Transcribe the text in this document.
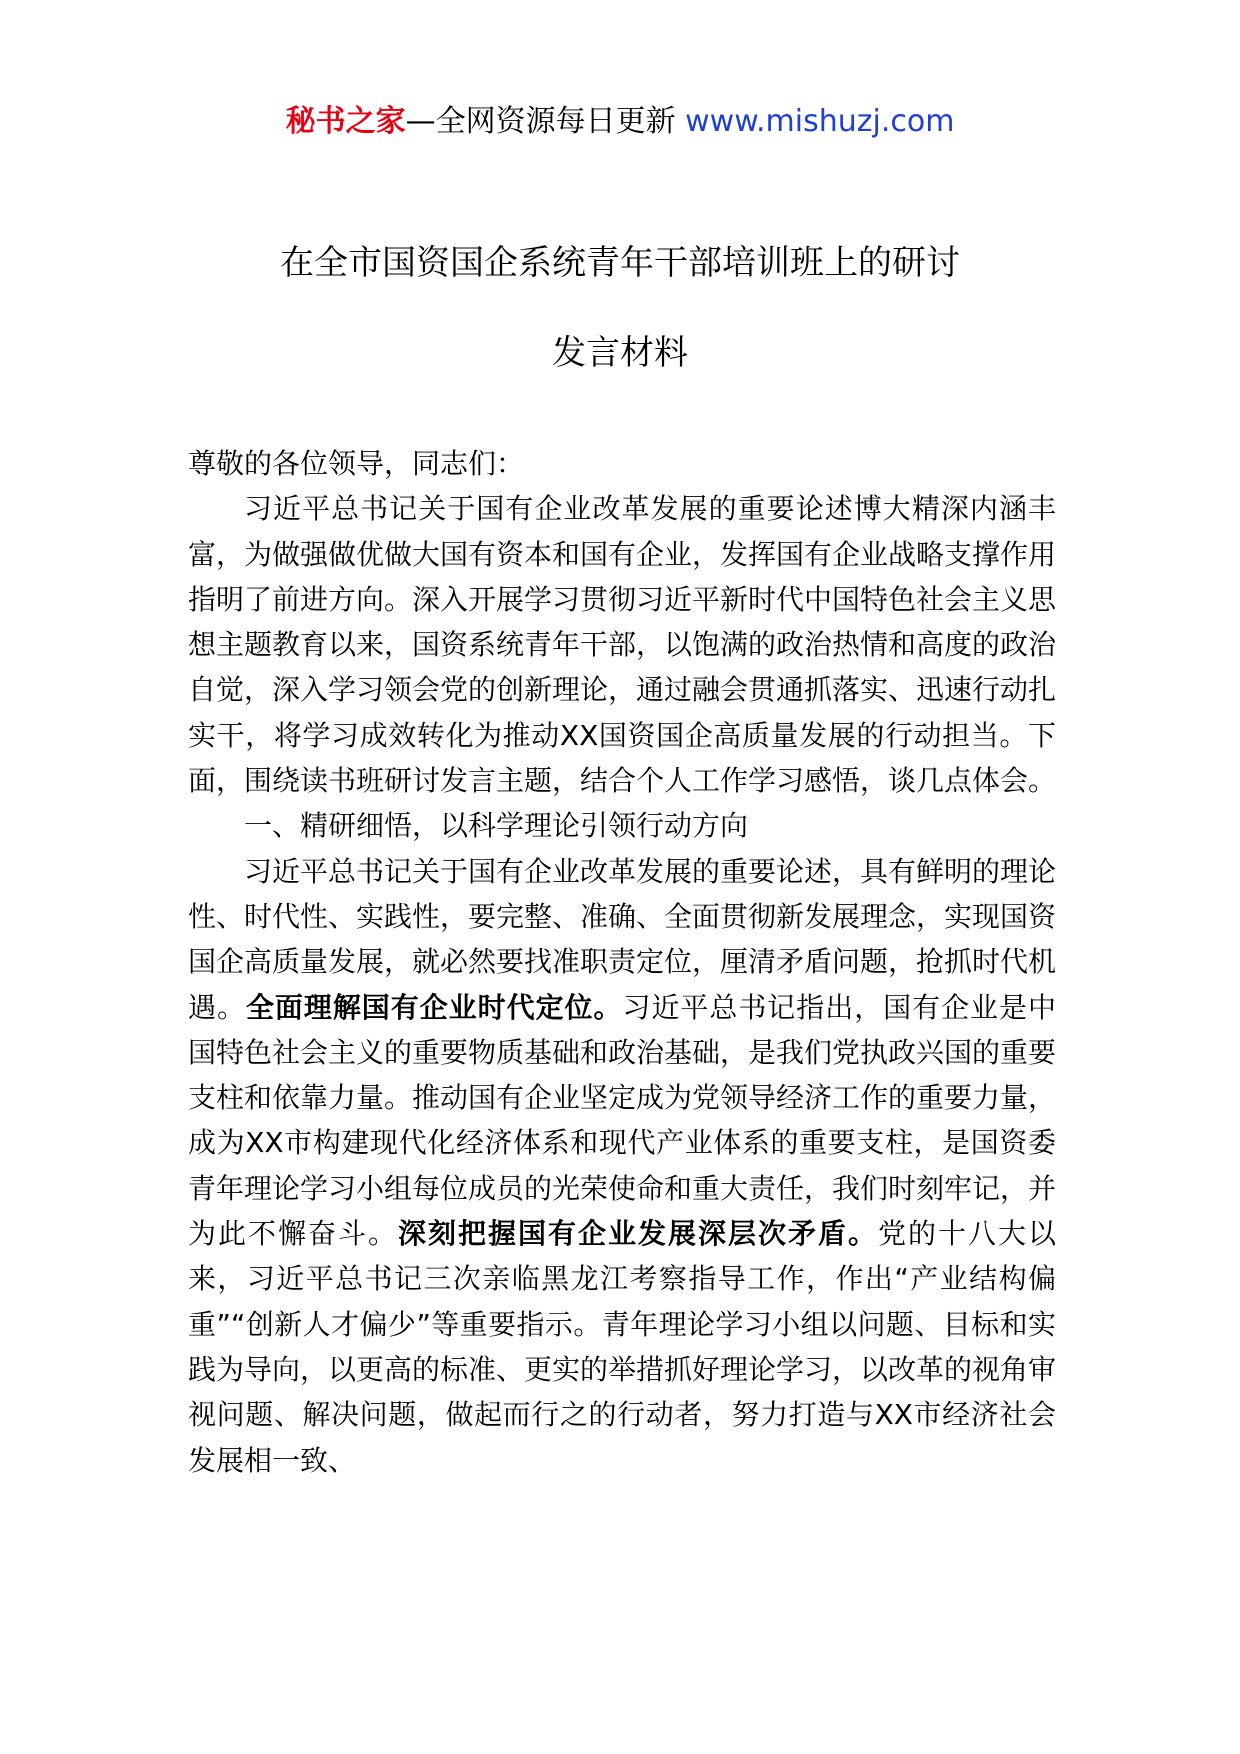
秘书之家—全网资源每日更新 www.mishuzj.com
在全市国资国企系统青年干部培训班上的研讨
发言材料

尊敬的各位领导，同志们：

习近平总书记关于国有企业改革发展的重要论述博大精深内涵丰富，为做强做优做大国有资本和国有企业，发挥国有企业战略支撑作用指明了前进方向。深入开展学习贯彻习近平新时代中国特色社会主义思想主题教育以来，国资系统青年干部，以饱满的政治热情和高度的政治自觉，深入学习领会党的创新理论，通过融会贯通抓落实、迅速行动扎实干，将学习成效转化为推动XX国资国企高质量发展的行动担当。下面，围绕读书班研讨发言主题，结合个人工作学习感悟，谈几点体会。

一、精研细悟，以科学理论引领行动方向

习近平总书记关于国有企业改革发展的重要论述，具有鲜明的理论性、时代性、实践性，要完整、准确、全面贯彻新发展理念，实现国资国企高质量发展，就必然要找准职责定位，厘清矛盾问题，抢抓时代机遇。全面理解国有企业时代定位。习近平总书记指出，国有企业是中国特色社会主义的重要物质基础和政治基础，是我们党执政兴国的重要支柱和依靠力量。推动国有企业坚定成为党领导经济工作的重要力量，成为XX市构建现代化经济体系和现代产业体系的重要支柱，是国资委青年理论学习小组每位成员的光荣使命和重大责任，我们时刻牢记，并为此不懈奋斗。深刻把握国有企业发展深层次矛盾。党的十八大以来，习近平总书记三次亲临黑龙江考察指导工作，作出“产业结构偏重”“创新人才偏少”等重要指示。青年理论学习小组以问题、目标和实践为导向，以更高的标准、更实的举措抓好理论学习，以改革的视角审视问题、解决问题，做起而行之的行动者，努力打造与XX市经济社会发展相一致、
